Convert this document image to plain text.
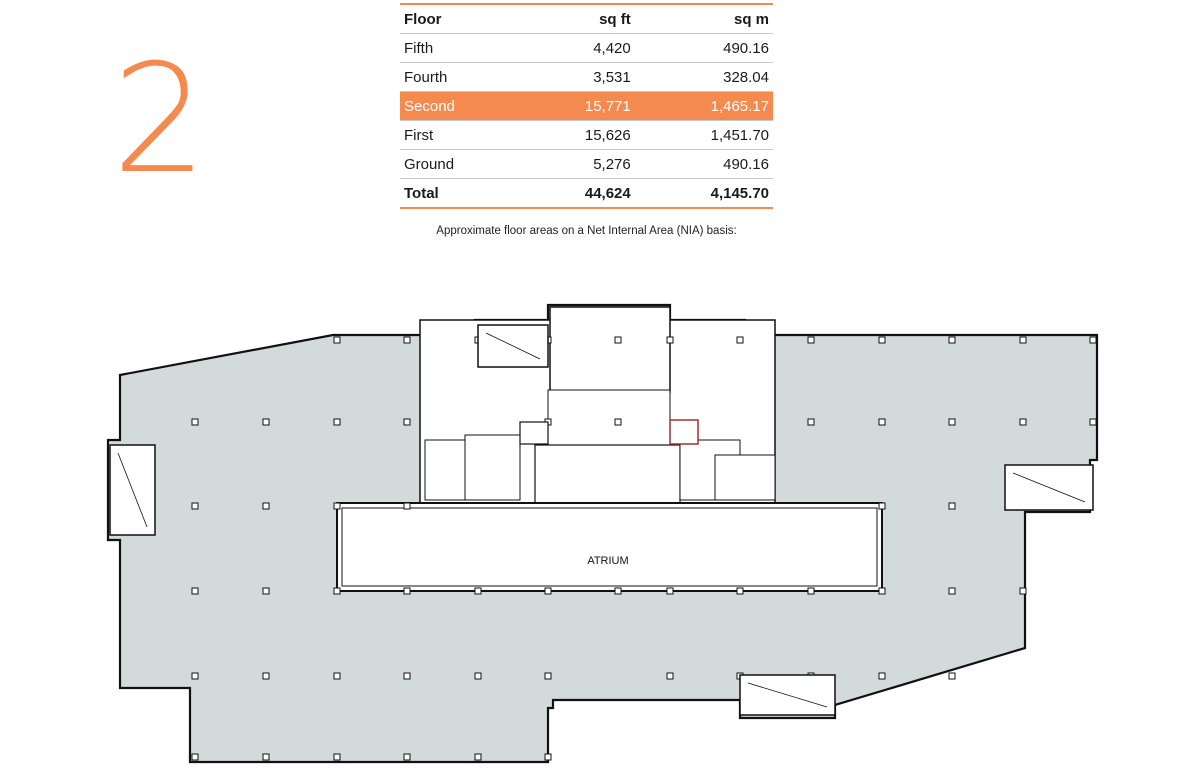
2
Floor	sq ft	sq m
Fifth	4,420	490.16
Fourth	3,531	328.04
Second	15,771	1,465.17
First	15,626	1,451.70
Ground	5,276	490.16
Total	44,624	4,145.70
Approximate floor areas on a Net Internal Area (NIA) basis:
ATRIUM
